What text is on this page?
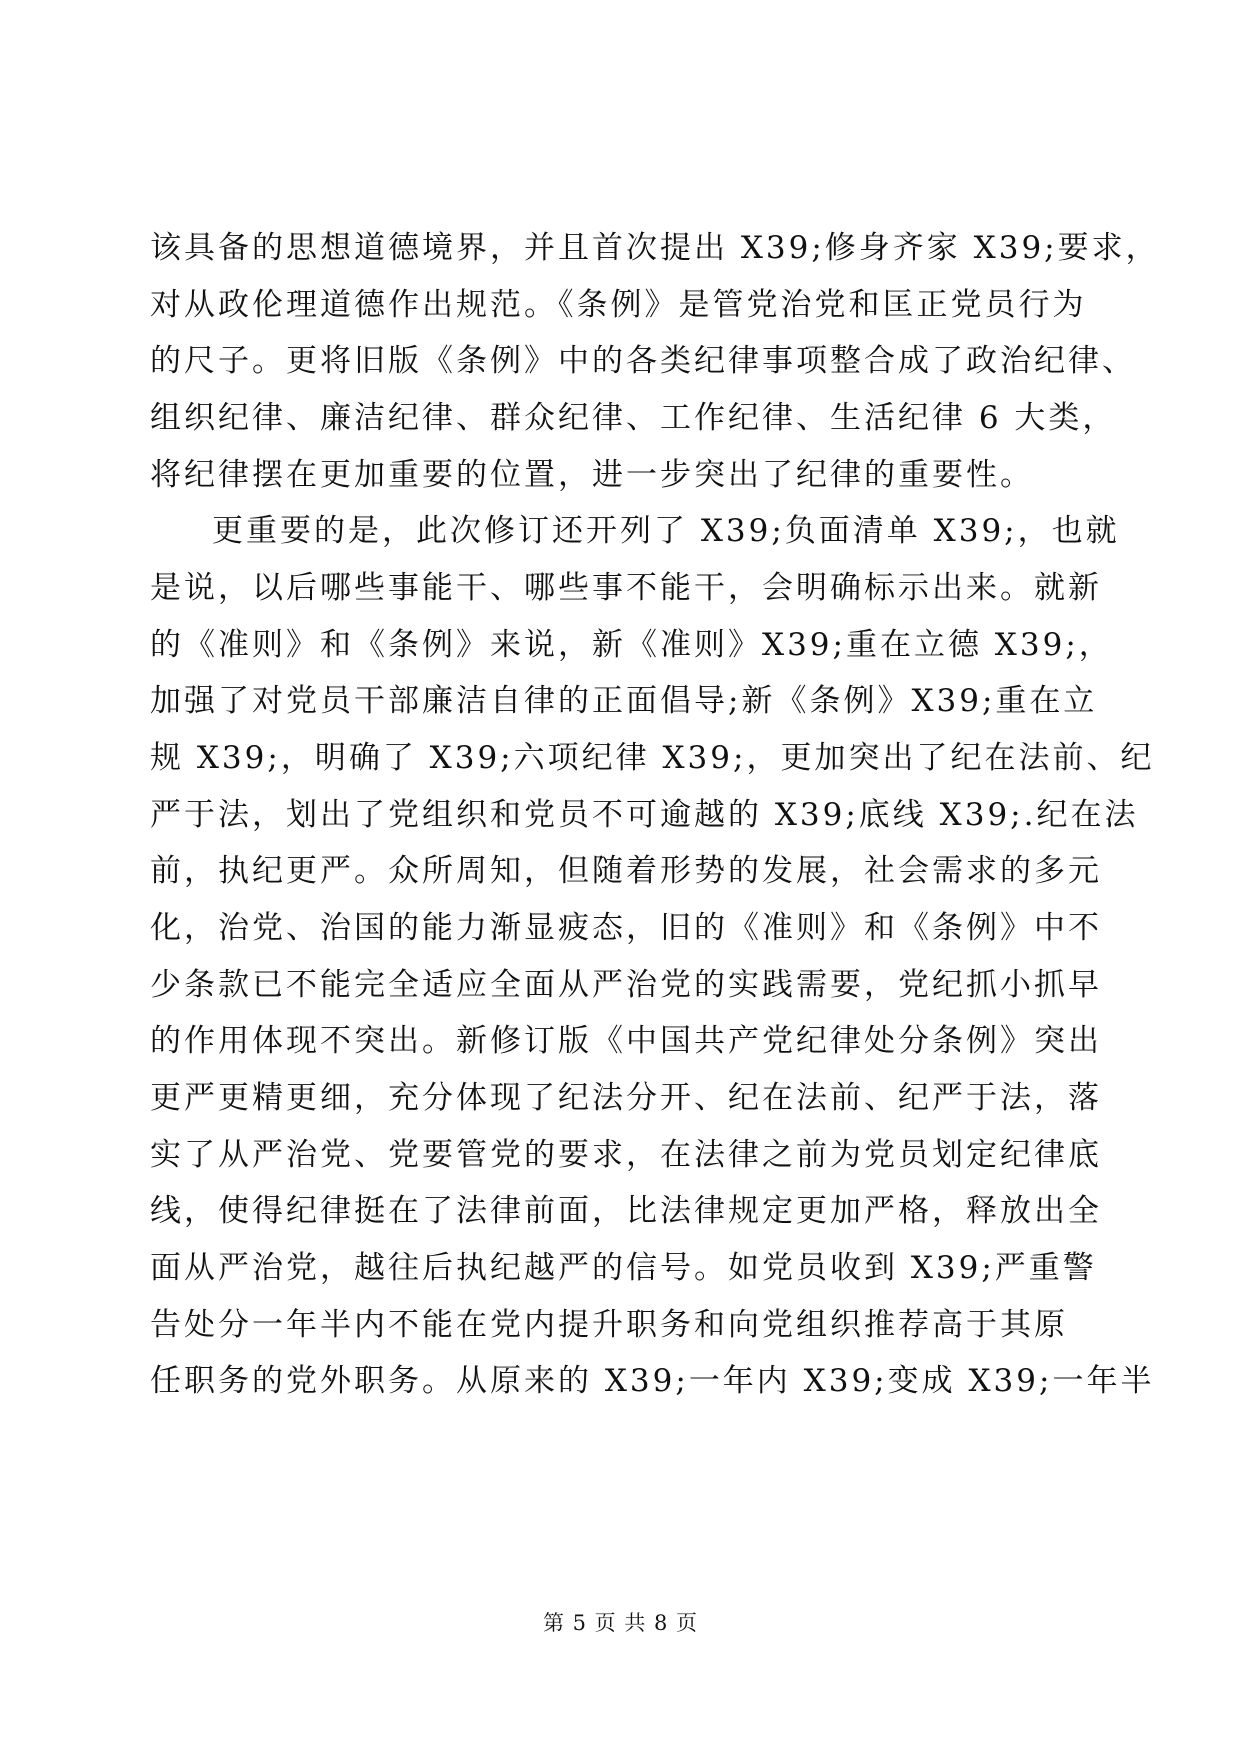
该具备的思想道德境界，并且首次提出 X39;修身齐家 X39;要求，
对从政伦理道德作出规范。《条例》是管党治党和匡正党员行为
的尺子。更将旧版《条例》中的各类纪律事项整合成了政治纪律、
组织纪律、廉洁纪律、群众纪律、工作纪律、生活纪律 6 大类，
将纪律摆在更加重要的位置，进一步突出了纪律的重要性。
更重要的是，此次修订还开列了 X39;负面清单 X39;，也就
是说，以后哪些事能干、哪些事不能干，会明确标示出来。就新
的《准则》和《条例》来说，新《准则》X39;重在立德 X39;，
加强了对党员干部廉洁自律的正面倡导;新《条例》X39;重在立
规 X39;，明确了 X39;六项纪律 X39;，更加突出了纪在法前、纪
严于法，划出了党组织和党员不可逾越的 X39;底线 X39;.纪在法
前，执纪更严。众所周知，但随着形势的发展，社会需求的多元
化，治党、治国的能力渐显疲态，旧的《准则》和《条例》中不
少条款已不能完全适应全面从严治党的实践需要，党纪抓小抓早
的作用体现不突出。新修订版《中国共产党纪律处分条例》突出
更严更精更细，充分体现了纪法分开、纪在法前、纪严于法，落
实了从严治党、党要管党的要求，在法律之前为党员划定纪律底
线，使得纪律挺在了法律前面，比法律规定更加严格，释放出全
面从严治党，越往后执纪越严的信号。如党员收到 X39;严重警
告处分一年半内不能在党内提升职务和向党组织推荐高于其原
任职务的党外职务。从原来的 X39;一年内 X39;变成 X39;一年半
第 5 页 共 8 页
